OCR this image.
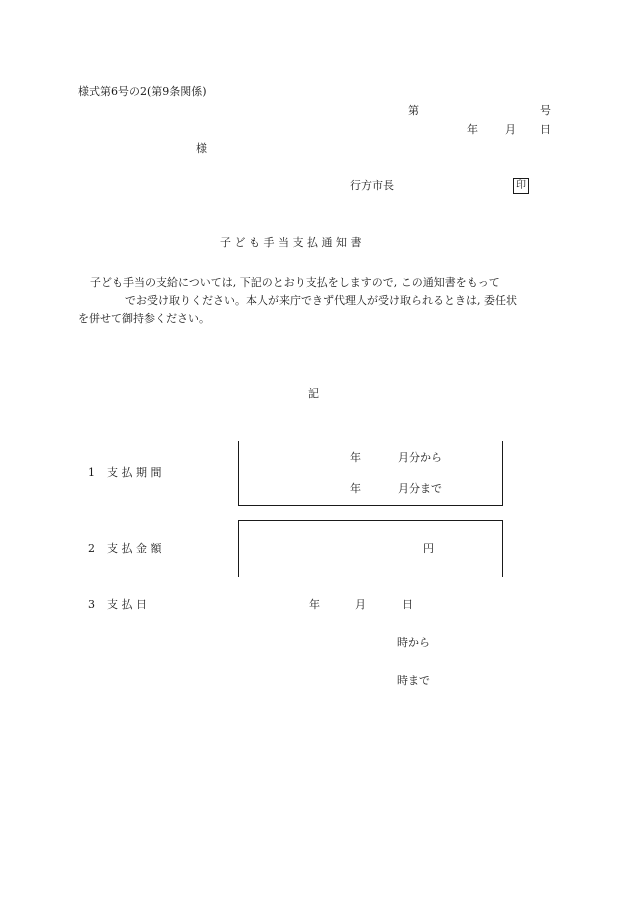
様式第6号の2(第9条関係)
第	号
年 月 日
様
行方市長	印
子 ど も 手 当 支 払 通 知 書
子ども手当の支給については, 下記のとおり支払をしますので, この通知書をもって
でお受け取りください。本人が来庁できず代理人が受け取られるときは, 委任状
を併せて御持参ください。
記
1 支 払 期 間
年	月分から
年	月分まで
2 支 払 金 額	円
3 支 払 日	年	月	日
時から
時まで
